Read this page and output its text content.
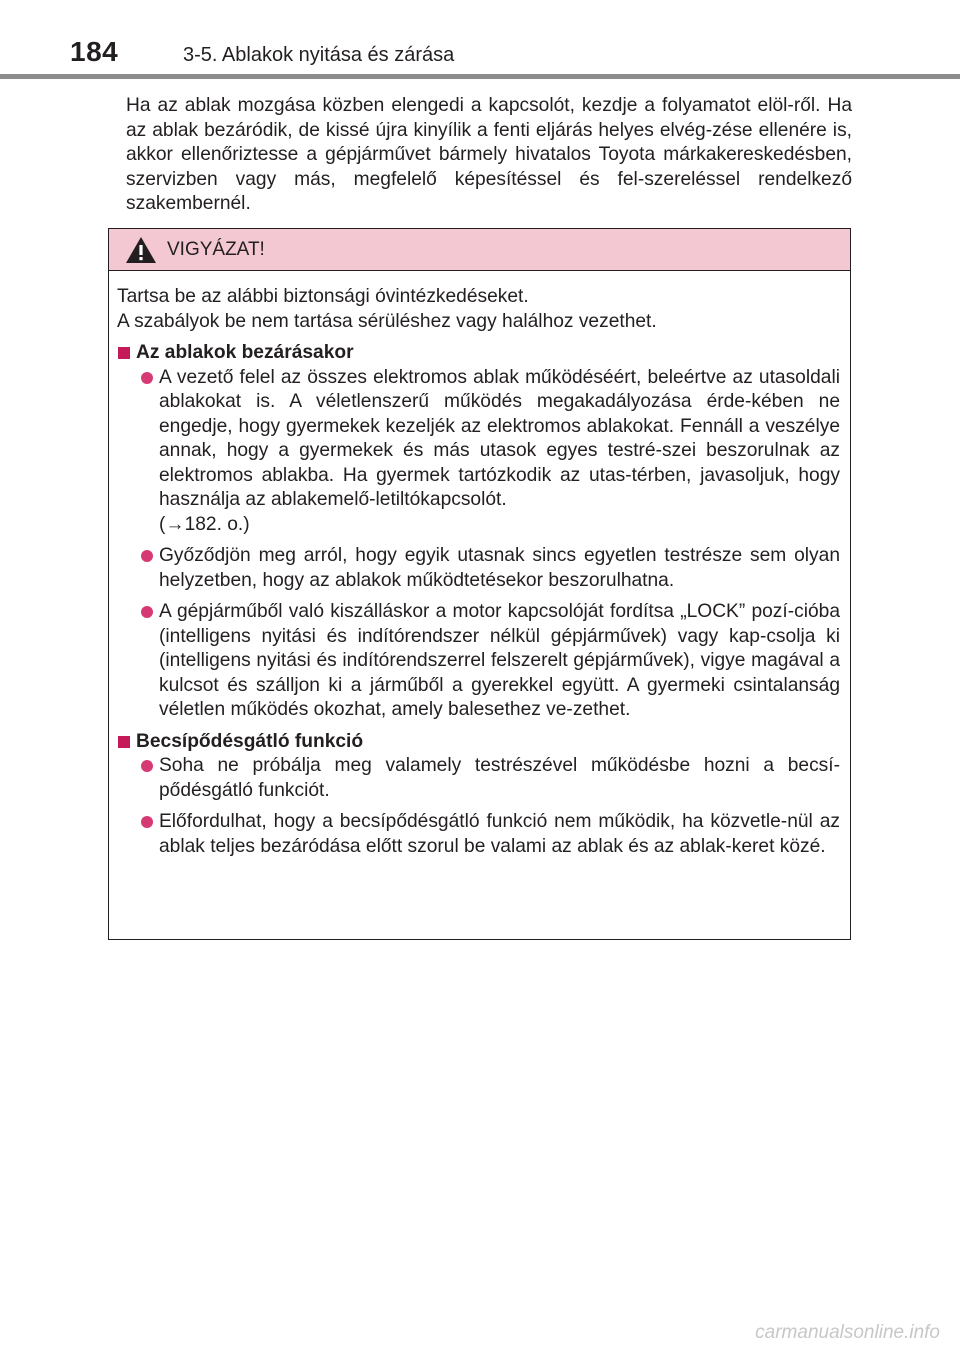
184	3-5. Ablakok nyitása és zárása

Ha az ablak mozgása közben elengedi a kapcsolót, kezdje a folyamatot elöl-ről. Ha az ablak bezáródik, de kissé újra kinyílik a fenti eljárás helyes elvég-zése ellenére is, akkor ellenőriztesse a gépjárművet bármely hivatalos Toyota márkakereskedésben, szervizben vagy más, megfelelő képesítéssel és fel-szereléssel rendelkező szakembernél.

VIGYÁZAT!

Tartsa be az alábbi biztonsági óvintézkedéseket.

A szabályok be nem tartása sérüléshez vagy halálhoz vezethet.

Az ablakok bezárásakor

A vezető felel az összes elektromos ablak működéséért, beleértve az utasoldali ablakokat is. A véletlenszerű működés megakadályozása érde-kében ne engedje, hogy gyermekek kezeljék az elektromos ablakokat. Fennáll a veszélye annak, hogy a gyermekek és más utasok egyes testré-szei beszorulnak az elektromos ablakba. Ha gyermek tartózkodik az utas-térben, javasoljuk, hogy használja az ablakemelő-letiltókapcsolót.
(→182. o.)
Győződjön meg arról, hogy egyik utasnak sincs egyetlen testrésze sem olyan helyzetben, hogy az ablakok működtetésekor beszorulhatna.
A gépjárműből való kiszálláskor a motor kapcsolóját fordítsa „LOCK” pozí-cióba (intelligens nyitási és indítórendszer nélkül gépjárművek) vagy kap-csolja ki (intelligens nyitási és indítórendszerrel felszerelt gépjárművek), vigye magával a kulcsot és szálljon ki a járműből a gyerekkel együtt. A gyermeki csintalanság véletlen működés okozhat, amely balesethez ve-zethet.

Becsípődésgátló funkció

Soha ne próbálja meg valamely testrészével működésbe hozni a becsí-pődésgátló funkciót.
Előfordulhat, hogy a becsípődésgátló funkció nem működik, ha közvetle-nül az ablak teljes bezáródása előtt szorul be valami az ablak és az ablak-keret közé.
carmanualsonline.info
